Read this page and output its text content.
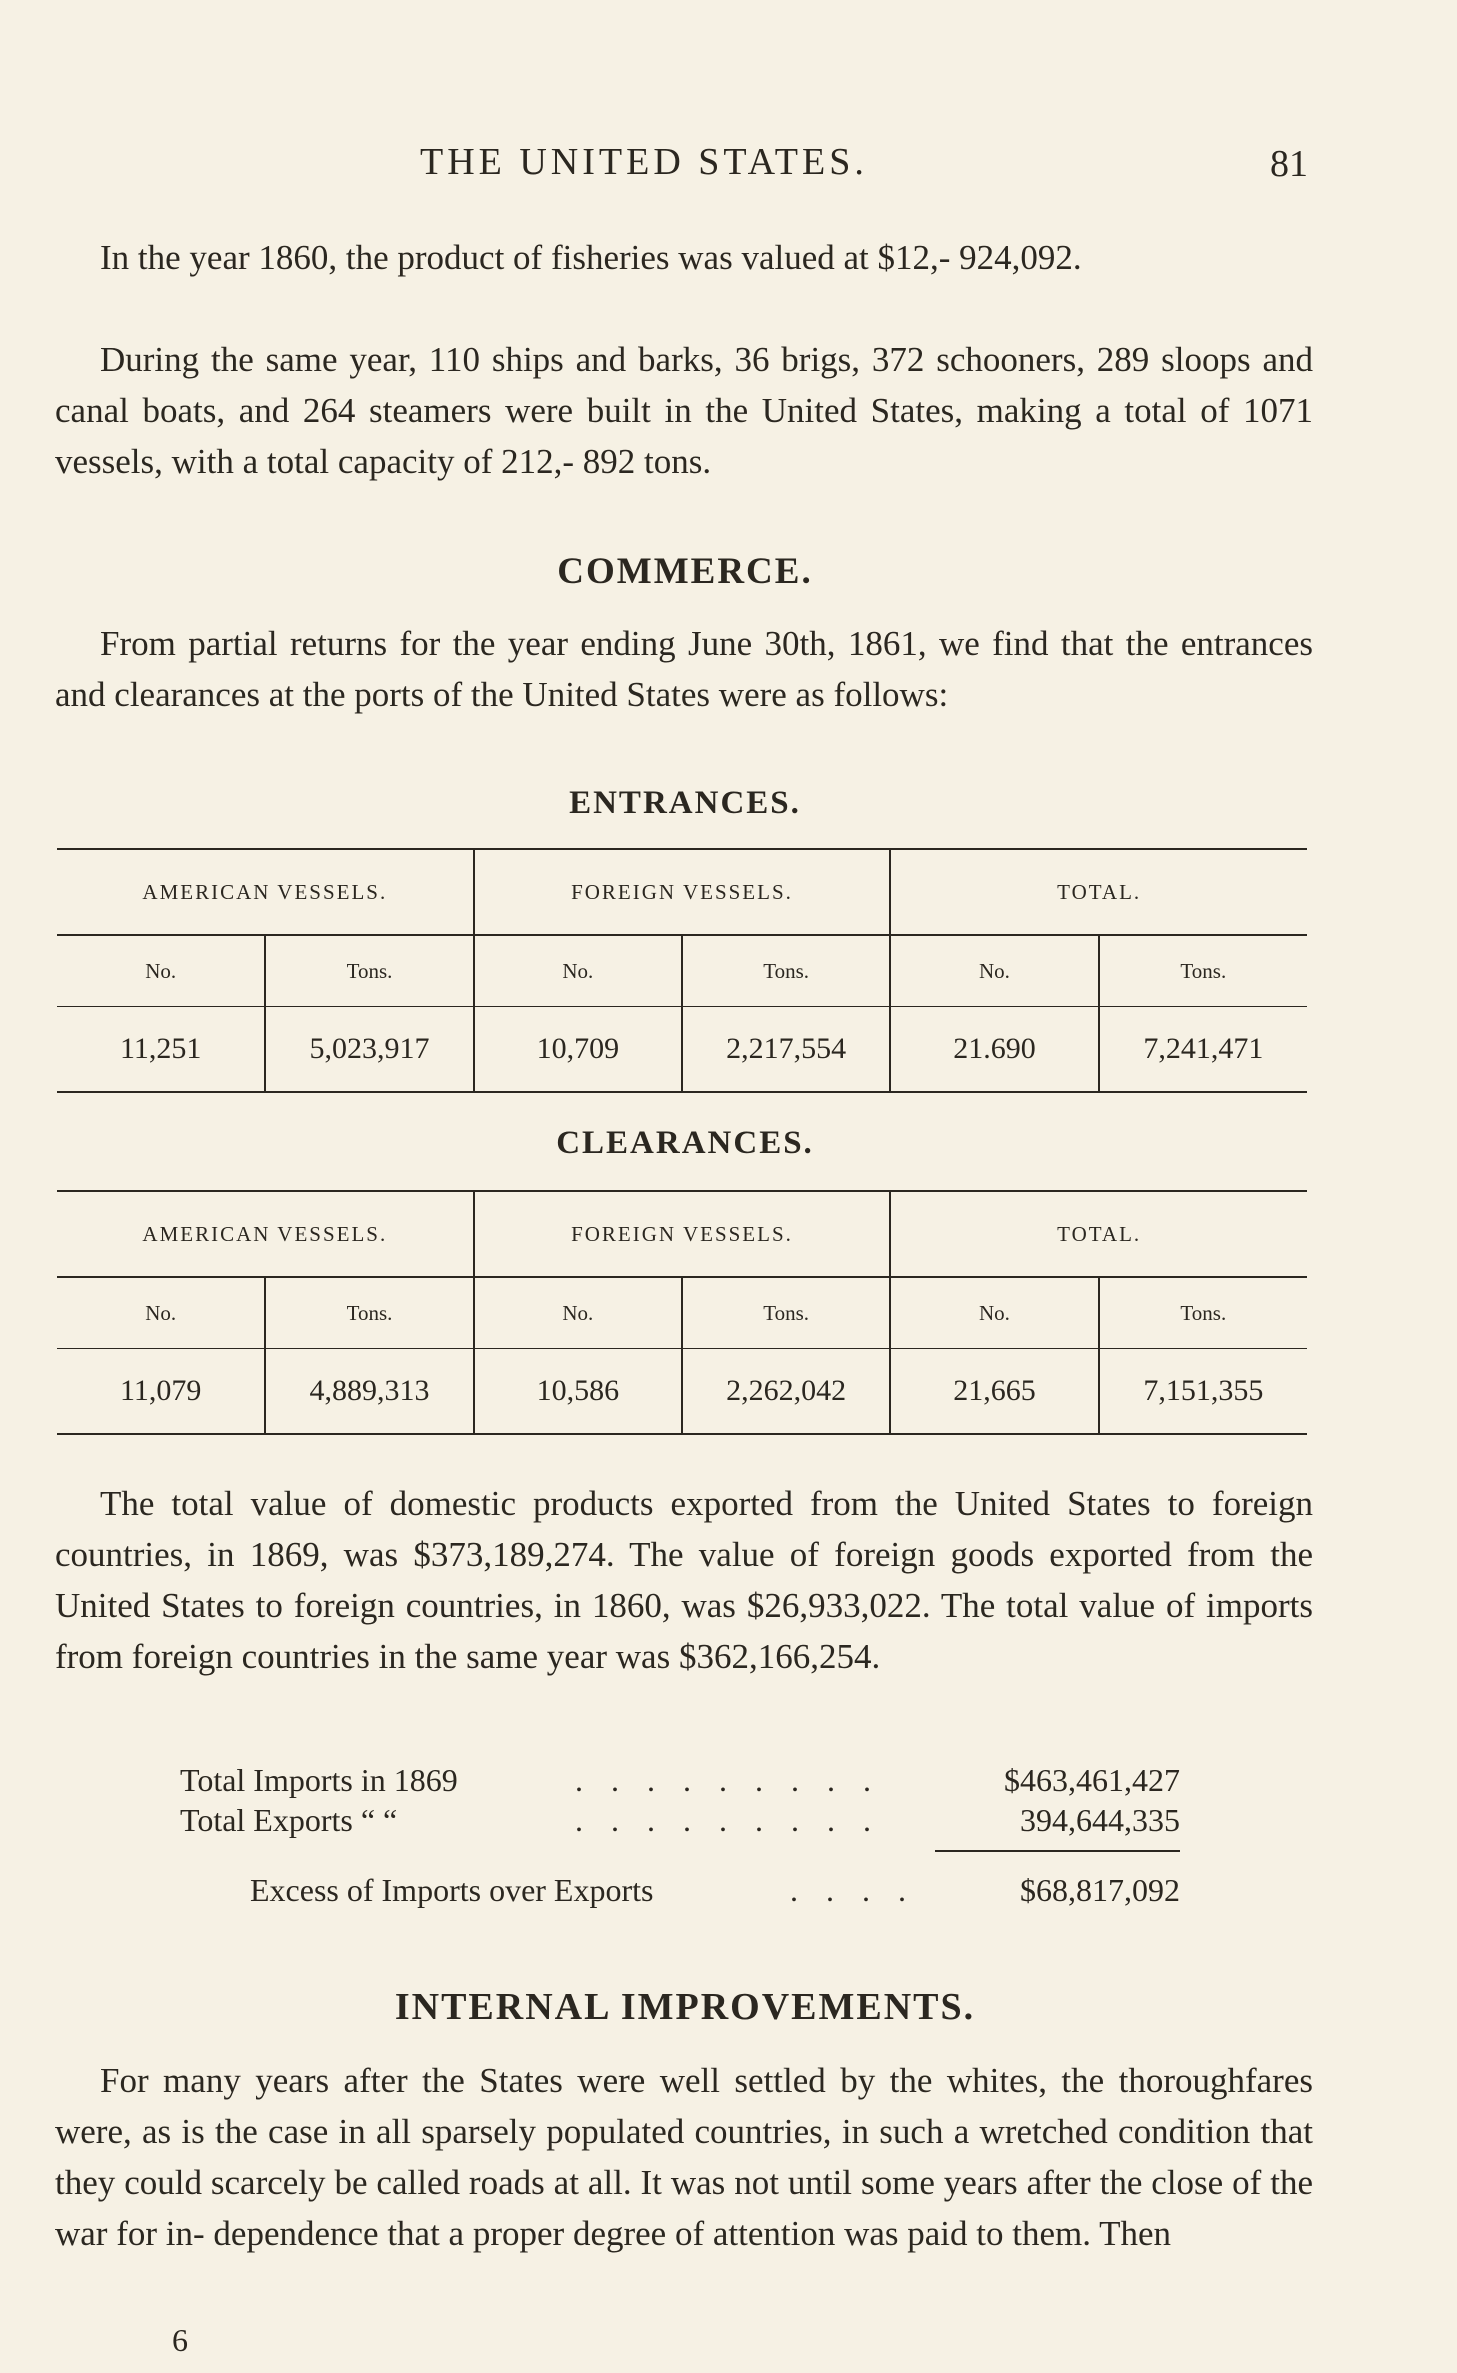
THE UNITED STATES.	81

In the year 1860, the product of fisheries was valued at $12,- 924,092.

During the same year, 110 ships and barks, 36 brigs, 372 schooners, 289 sloops and canal boats, and 264 steamers were built in the United States, making a total of 1071 vessels, with a total capacity of 212,- 892 tons.

COMMERCE.

From partial returns for the year ending June 30th, 1861, we find that the entrances and clearances at the ports of the United States were as follows:

ENTRANCES.
AMERICAN VESSELS.		FOREIGN VESSELS.		TOTAL.	
No.	Tons.	No.	Tons.	No.	Tons.
11,251	5,023,917	10,709	2,217,554	21.690	7,241,471
CLEARANCES.
AMERICAN VESSELS.		FOREIGN VESSELS.		TOTAL.	
No.	Tons.	No.	Tons.	No.	Tons.
11,079	4,889,313	10,586	2,262,042	21,665	7,151,355

The total value of domestic products exported from the United States to foreign countries, in 1869, was $373,189,274. The value of foreign goods exported from the United States to foreign countries, in 1860, was $26,933,022. The total value of imports from foreign countries in the same year was $362,166,254.

Total Imports in 1869	. . . . . . . . .	$463,461,427
Total Exports “ “	. . . . . . . . .	394,644,335
Excess of Imports over Exports	. . . .	$68,817,092
INTERNAL IMPROVEMENTS.

For many years after the States were well settled by the whites, the thoroughfares were, as is the case in all sparsely populated countries, in such a wretched condition that they could scarcely be called roads at all. It was not until some years after the close of the war for in- dependence that a proper degree of attention was paid to them. Then

6
